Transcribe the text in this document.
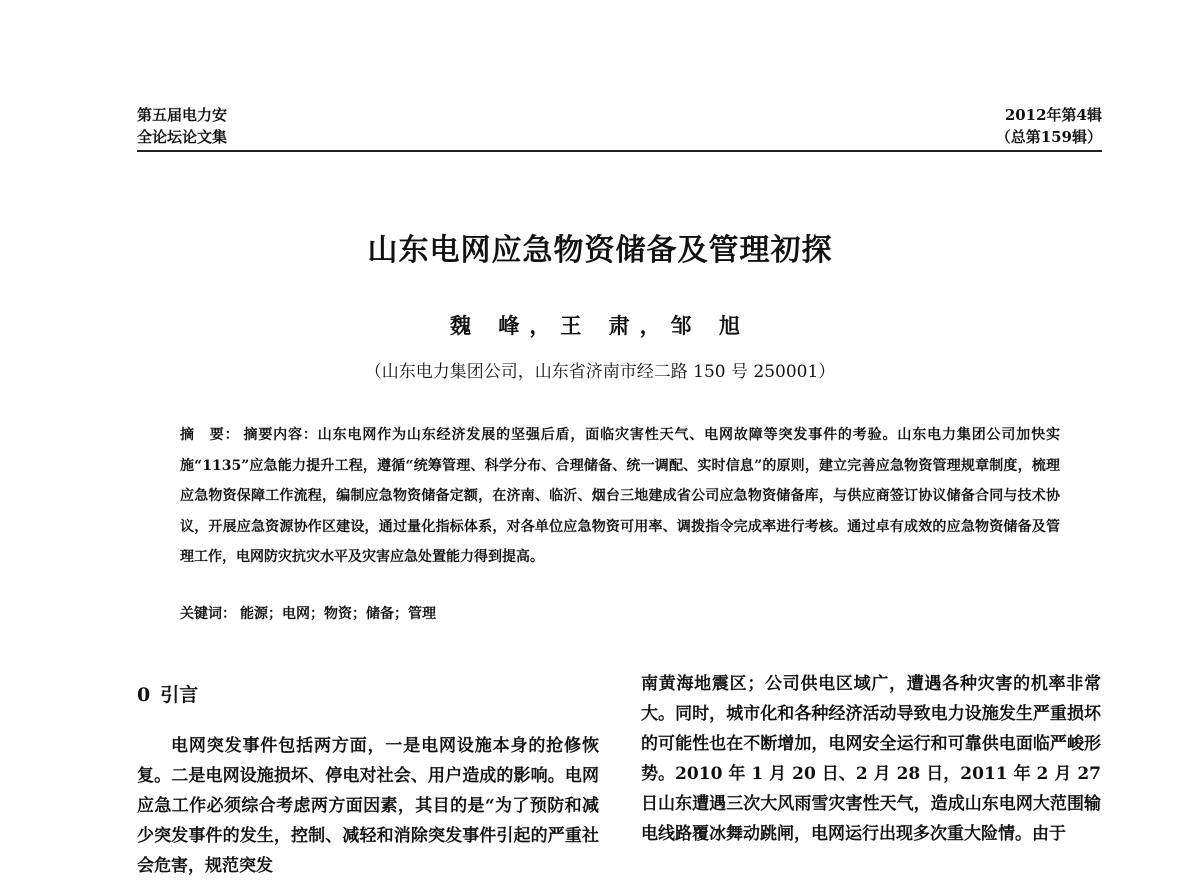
第五届电力安
全论坛论文集
2012年第4辑
（总第159辑）
山东电网应急物资储备及管理初探
魏 峰，王 肃，邹 旭
（山东电力集团公司，山东省济南市经二路 150 号 250001）
摘　要： 摘要内容：山东电网作为山东经济发展的坚强后盾，面临灾害性天气、电网故障等突发事件的考验。山东电力集团公司加快实施“1135”应急能力提升工程，遵循“统筹管理、科学分布、合理储备、统一调配、实时信息”的原则，建立完善应急物资管理规章制度，梳理应急物资保障工作流程，编制应急物资储备定额，在济南、临沂、烟台三地建成省公司应急物资储备库，与供应商签订协议储备合同与技术协议，开展应急资源协作区建设，通过量化指标体系，对各单位应急物资可用率、调拨指令完成率进行考核。通过卓有成效的应急物资储备及管理工作，电网防灾抗灾水平及灾害应急处置能力得到提高。
关键词： 能源 ； 电网 ； 物资 ； 储备 ； 管理
0 引言
电网突发事件包括两方面，一是电网设施本身的抢修恢复。二是电网设施损坏、停电对社会、用户造成的影响。电网应急工作必须综合考虑两方面因素，其目的是“为了预防和减少突发事件的发生，控制、减轻和消除突发事件引起的严重社会危害，规范突发
南黄海地震区；公司供电区域广，遭遇各种灾害的机率非常大。同时，城市化和各种经济活动导致电力设施发生严重损坏的可能性也在不断增加，电网安全运行和可靠供电面临严峻形势。2010 年 1 月 20 日、2 月 28 日，2011 年 2 月 27 日山东遭遇三次大风雨雪灾害性天气，造成山东电网大范围输电线路覆冰舞动跳闸，电网运行出现多次重大险情。由于
